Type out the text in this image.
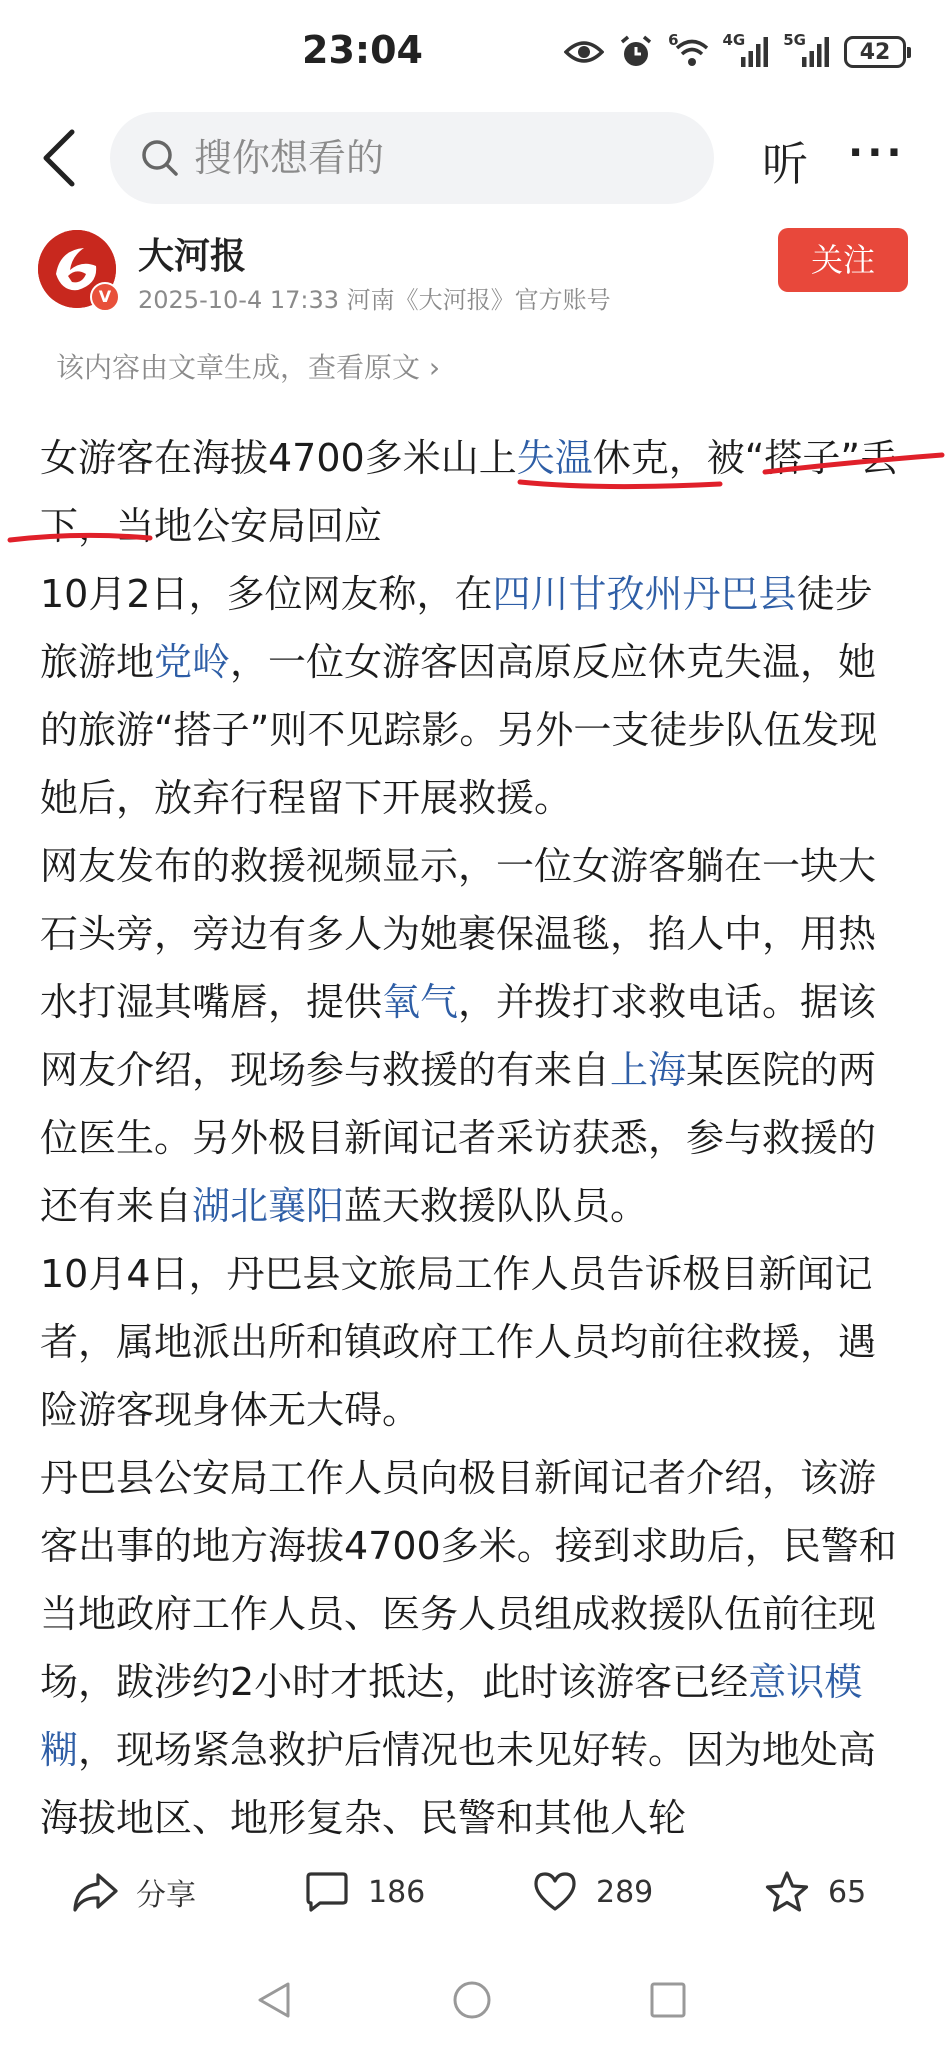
23:04	6	4G	5G	42
搜你想看的
听 ···
V
大河报
2025-10-4 17:33 河南《大河报》官方账号
关注
该内容由文章生成，查看原文 ›

女游客在海拔4700多米山上失温休克，被“搭子”丢下，当地公安局回应

10月2日，多位网友称，在四川甘孜州丹巴县徒步旅游地党岭，一位女游客因高原反应休克失温，她的旅游“搭子”则不见踪影。另外一支徒步队伍发现她后，放弃行程留下开展救援。

网友发布的救援视频显示，一位女游客躺在一块大石头旁，旁边有多人为她裹保温毯，掐人中，用热水打湿其嘴唇，提供氧气，并拨打求救电话。据该网友介绍，现场参与救援的有来自上海某医院的两位医生。另外极目新闻记者采访获悉，参与救援的还有来自湖北襄阳蓝天救援队队员。

10月4日，丹巴县文旅局工作人员告诉极目新闻记者，属地派出所和镇政府工作人员均前往救援，遇险游客现身体无大碍。

丹巴县公安局工作人员向极目新闻记者介绍，该游客出事的地方海拔4700多米。接到求助后，民警和当地政府工作人员、医务人员组成救援队伍前往现场，跋涉约2小时才抵达，此时该游客已经意识模糊，现场紧急救护后情况也未见好转。因为地处高海拔地区、地形复杂、民警和其他人轮

分享	186	289	65
